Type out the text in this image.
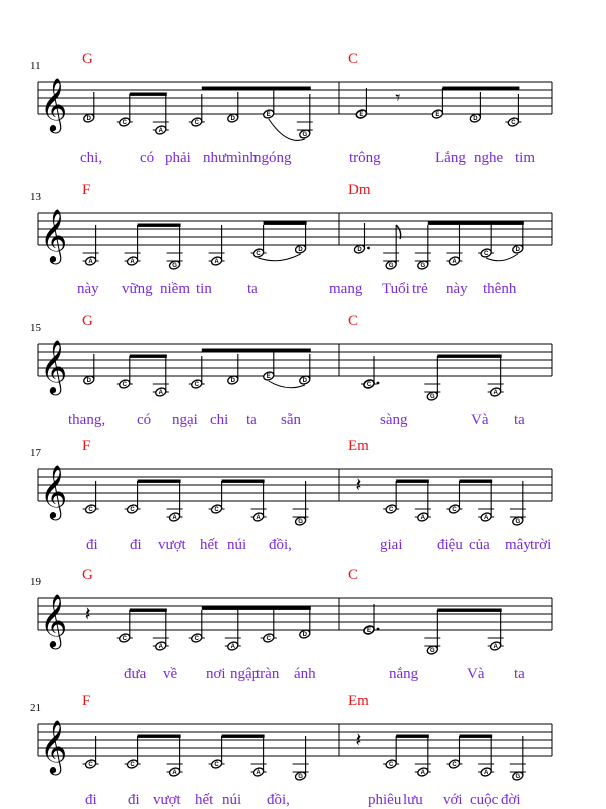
11	G	C
𝄞	D
C
A
C
D
E
G
E
𝄾
E
D
C
chi,	có phải như mình
ngóng	trông	Lắng nghe tim
13	F	Dm
𝄞
A	A
G
A
C
D	D
G	G
A
C
D
này vững niềm tin ta	mang Tuổi trẻ này thênh
15	G	C
𝄞	D
C
A
C
D
E
D
C
G
A
thang, có ngại chi ta sẵn	sàng	Và ta
17	F	Em
𝄞	C	C
A
C
A
G
𝄽
C
A
C
A
G
đi đi vượt hết núi đồi,	giai điệu của mây trời
19	G	C
𝄞 𝄽
C
A
C
A
C
D
E
G
A
đưa về nơi ngập
tràn ánh	nắng	Và ta
21	F	Em
𝄞	C	C
A
C
A
G
𝄽
C
A
C
A
G
đi đi vượt hết núi đồi,	phiêu lưu với cuộc đời
